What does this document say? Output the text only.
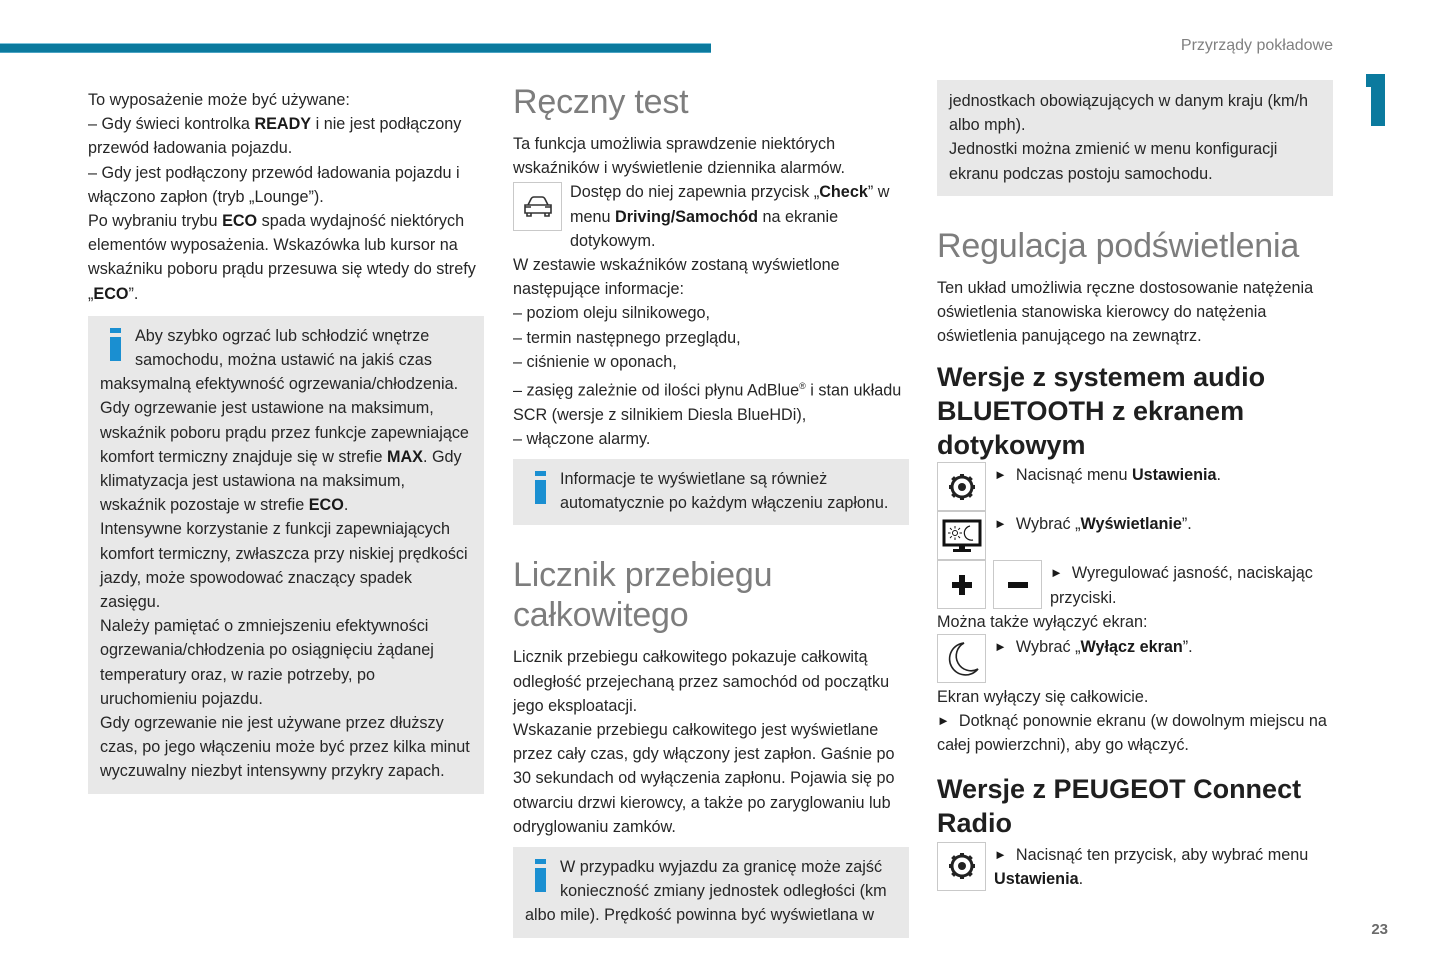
Przyrządy pokładowe

To wyposażenie może być używane:

– Gdy świeci kontrolka READY i nie jest podłączony przewód ładowania pojazdu.

– Gdy jest podłączony przewód ładowania pojazdu i włączono zapłon (tryb „Lounge”).

Po wybraniu trybu ECO spada wydajność niektórych elementów wyposażenia. Wskazówka lub kursor na wskaźniku poboru prądu przesuwa się wtedy do strefy „ECO”.

Aby szybko ogrzać lub schłodzić wnętrze samochodu, można ustawić na jakiś czas maksymalną efektywność ogrzewania/chłodzenia.

Gdy ogrzewanie jest ustawione na maksimum, wskaźnik poboru prądu przez funkcje zapewniające komfort termiczny znajduje się w strefie MAX. Gdy klimatyzacja jest ustawiona na maksimum, wskaźnik pozostaje w strefie ECO.

Intensywne korzystanie z funkcji zapewniających komfort termiczny, zwłaszcza przy niskiej prędkości jazdy, może spowodować znaczący spadek zasięgu.

Należy pamiętać o zmniejszeniu efektywności ogrzewania/chłodzenia po osiągnięciu żądanej temperatury oraz, w razie potrzeby, po uruchomieniu pojazdu.

Gdy ogrzewanie nie jest używane przez dłuższy czas, po jego włączeniu może być przez kilka minut wyczuwalny niezbyt intensywny przykry zapach.

Ręczny test

Ta funkcja umożliwia sprawdzenie niektórych wskaźników i wyświetlenie dziennika alarmów.

Dostęp do niej zapewnia przycisk „Check” w menu Driving/Samochód na ekranie dotykowym.

W zestawie wskaźników zostaną wyświetlone następujące informacje:

– poziom oleju silnikowego,

– termin następnego przeglądu,

– ciśnienie w oponach,

– zasięg zależnie od ilości płynu AdBlue® i stan układu SCR (wersje z silnikiem Diesla BlueHDi),

– włączone alarmy.

Informacje te wyświetlane są również automatycznie po każdym włączeniu zapłonu.

Licznik przebiegu całkowitego

Licznik przebiegu całkowitego pokazuje całkowitą odległość przejechaną przez samochód od początku jego eksploatacji.

Wskazanie przebiegu całkowitego jest wyświetlane przez cały czas, gdy włączony jest zapłon. Gaśnie po 30 sekundach od wyłączenia zapłonu. Pojawia się po otwarciu drzwi kierowcy, a także po zaryglowaniu lub odryglowaniu zamków.

W przypadku wyjazdu za granicę może zajść konieczność zmiany jednostek odległości (km albo mile). Prędkość powinna być wyświetlana w

jednostkach obowiązujących w danym kraju (km/h albo mph).

Jednostki można zmienić w menu konfiguracji ekranu podczas postoju samochodu.

Regulacja podświetlenia

Ten układ umożliwia ręczne dostosowanie natężenia oświetlenia stanowiska kierowcy do natężenia oświetlenia panującego na zewnątrz.

Wersje z systemem audio BLUETOOTH z ekranem dotykowym

► Nacisnąć menu Ustawienia.

► Wybrać „Wyświetlanie”.

► Wyregulować jasność, naciskając przyciski.

Można także wyłączyć ekran:

► Wybrać „Wyłącz ekran”.

Ekran wyłączy się całkowicie.

► Dotknąć ponownie ekranu (w dowolnym miejscu na całej powierzchni), aby go włączyć.

Wersje z PEUGEOT Connect Radio

► Nacisnąć ten przycisk, aby wybrać menu Ustawienia.

23
